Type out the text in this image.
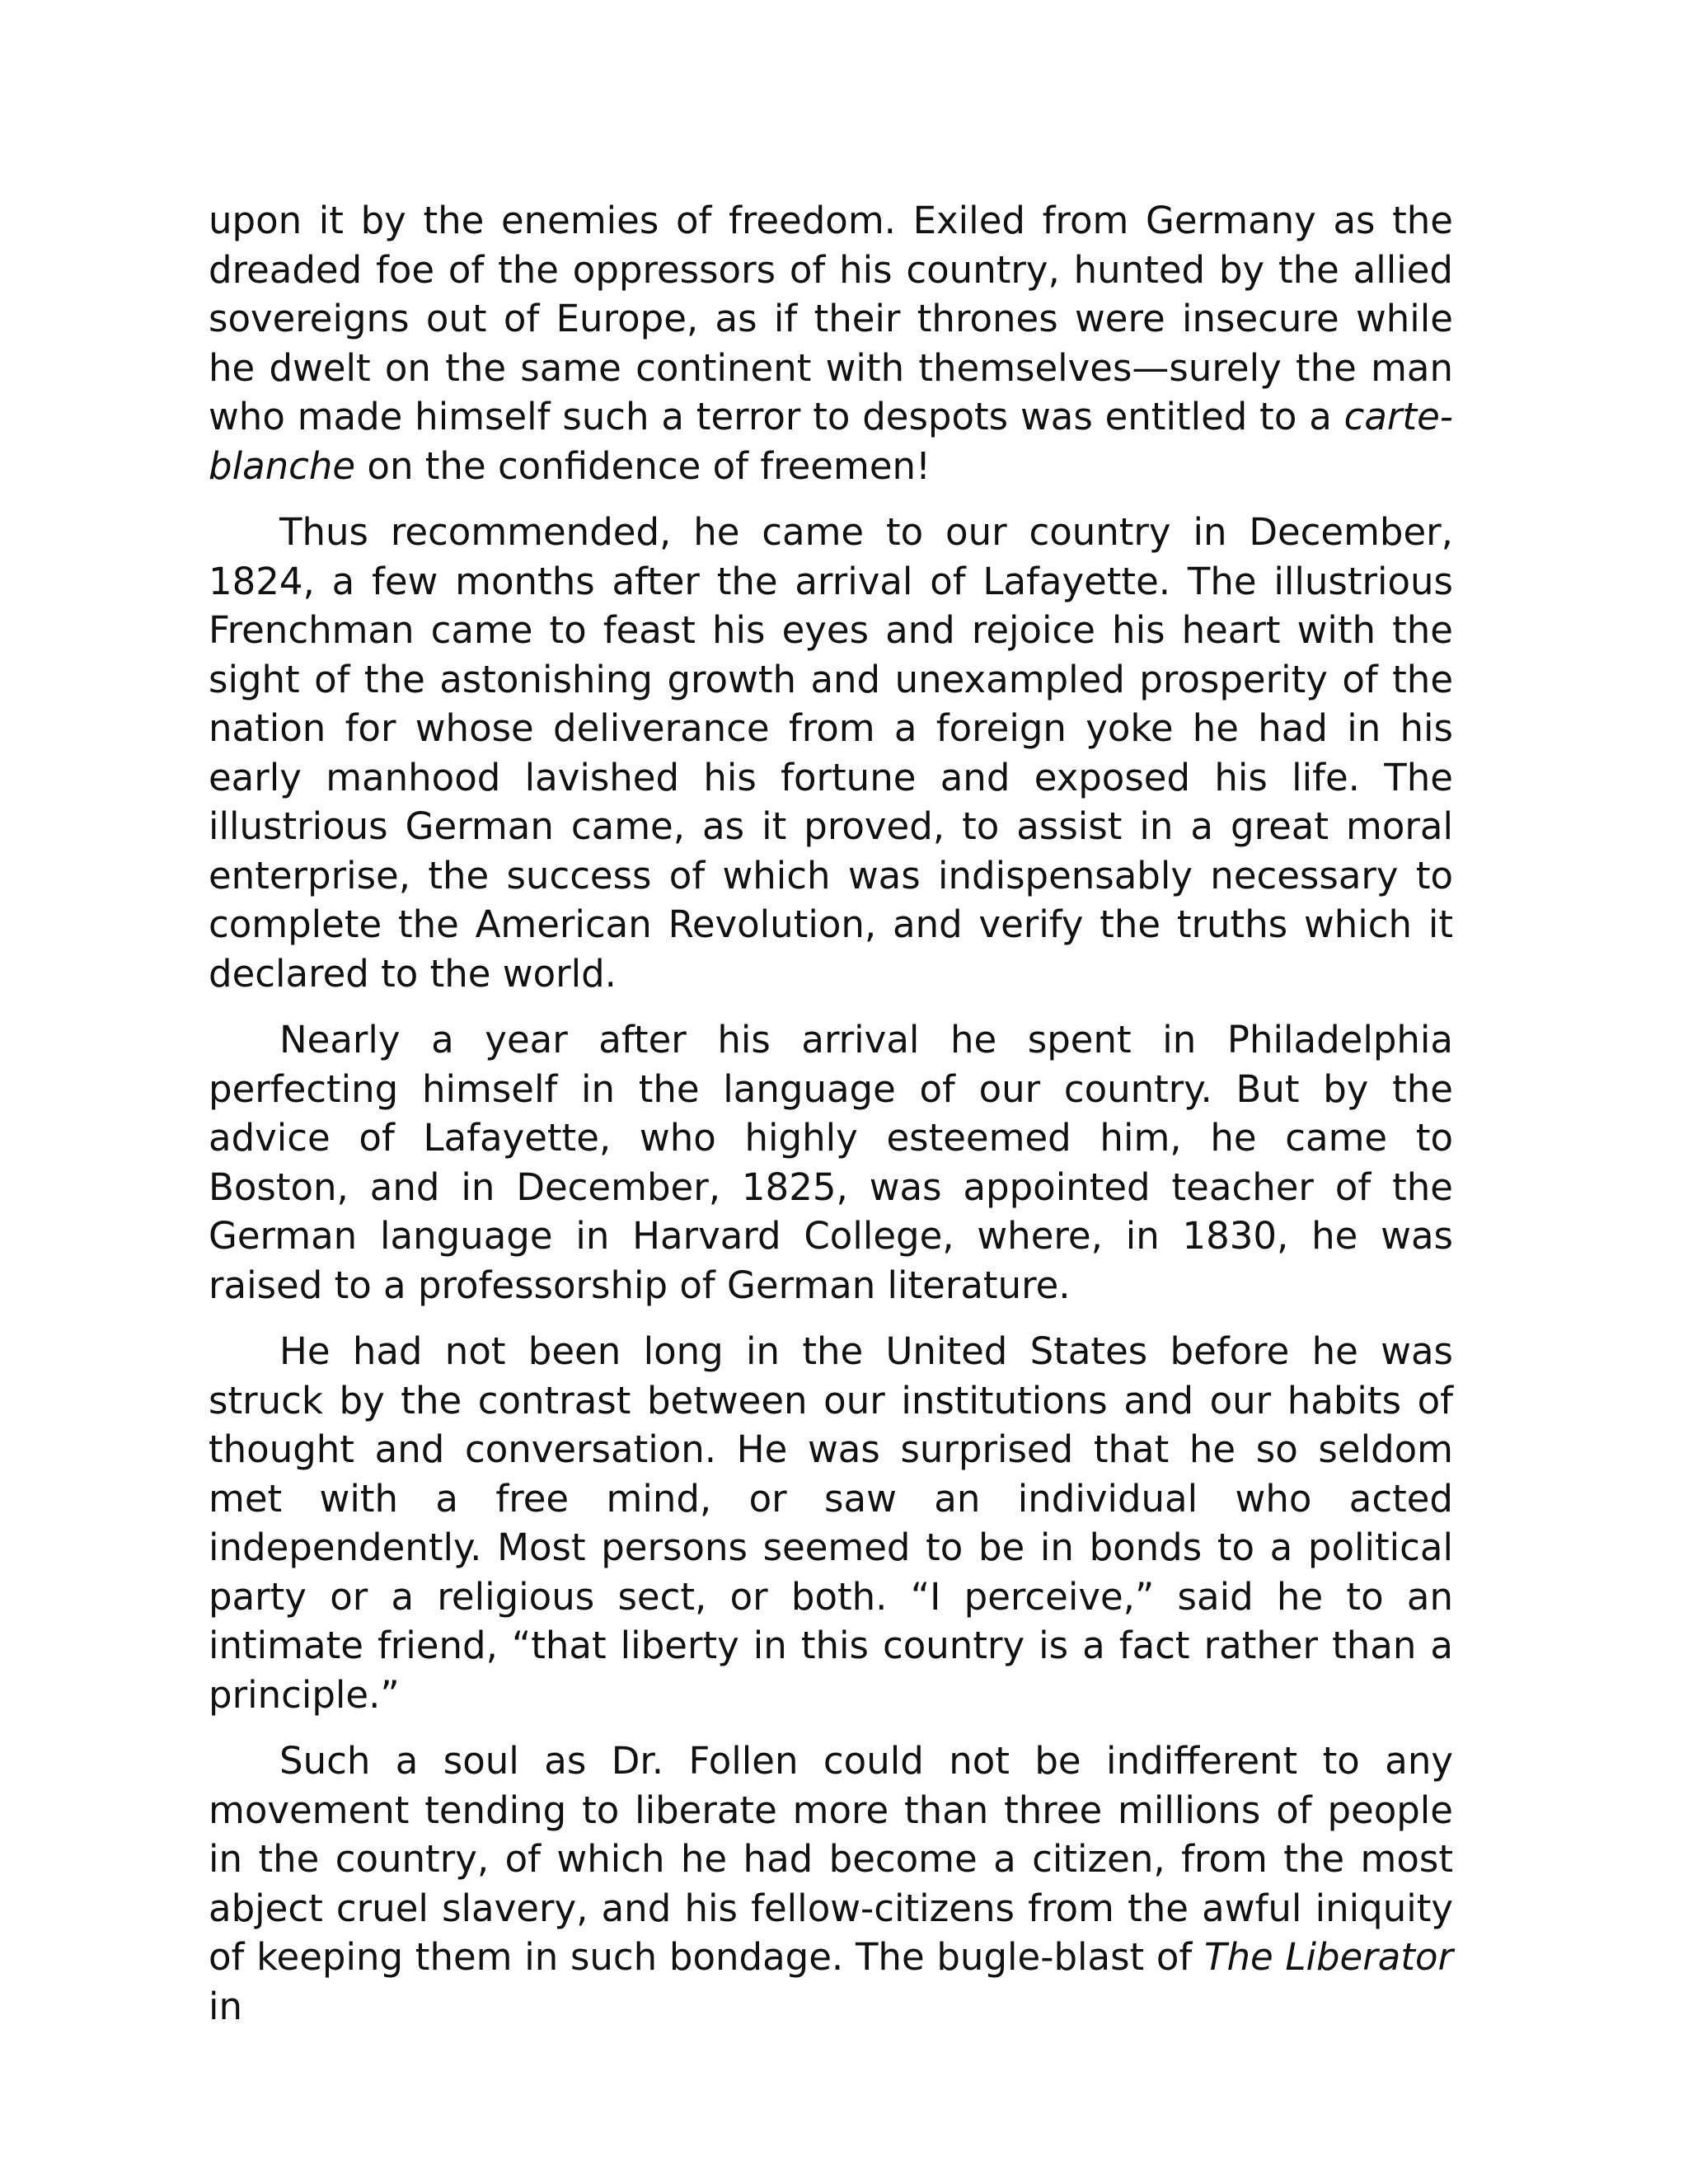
upon it by the enemies of freedom. Exiled from Germany as the dreaded foe of the oppressors of his country, hunted by the allied sovereigns out of Europe, as if their thrones were insecure while he dwelt on the same continent with themselves—surely the man who made himself such a terror to despots was entitled to a carte-blanche on the confidence of freemen!

Thus recommended, he came to our country in December, 1824, a few months after the arrival of Lafayette. The illustrious Frenchman came to feast his eyes and rejoice his heart with the sight of the astonishing growth and unexampled prosperity of the nation for whose deliverance from a foreign yoke he had in his early manhood lavished his fortune and exposed his life. The illustrious German came, as it proved, to assist in a great moral enterprise, the success of which was indispensably necessary to complete the American Revolution, and verify the truths which it declared to the world.

Nearly a year after his arrival he spent in Philadelphia perfecting himself in the language of our country. But by the advice of Lafayette, who highly esteemed him, he came to Boston, and in December, 1825, was appointed teacher of the German language in Harvard College, where, in 1830, he was raised to a professorship of German literature.

He had not been long in the United States before he was struck by the contrast between our institutions and our habits of thought and conversation. He was surprised that he so seldom met with a free mind, or saw an individual who acted independently. Most persons seemed to be in bonds to a political party or a religious sect, or both. “I perceive,” said he to an intimate friend, “that liberty in this country is a fact rather than a principle.”

Such a soul as Dr. Follen could not be indifferent to any movement tending to liberate more than three millions of people in the country, of which he had become a citizen, from the most abject cruel slavery, and his fellow-citizens from the awful iniquity of keeping them in such bondage. The bugle-blast of The Liberator in
